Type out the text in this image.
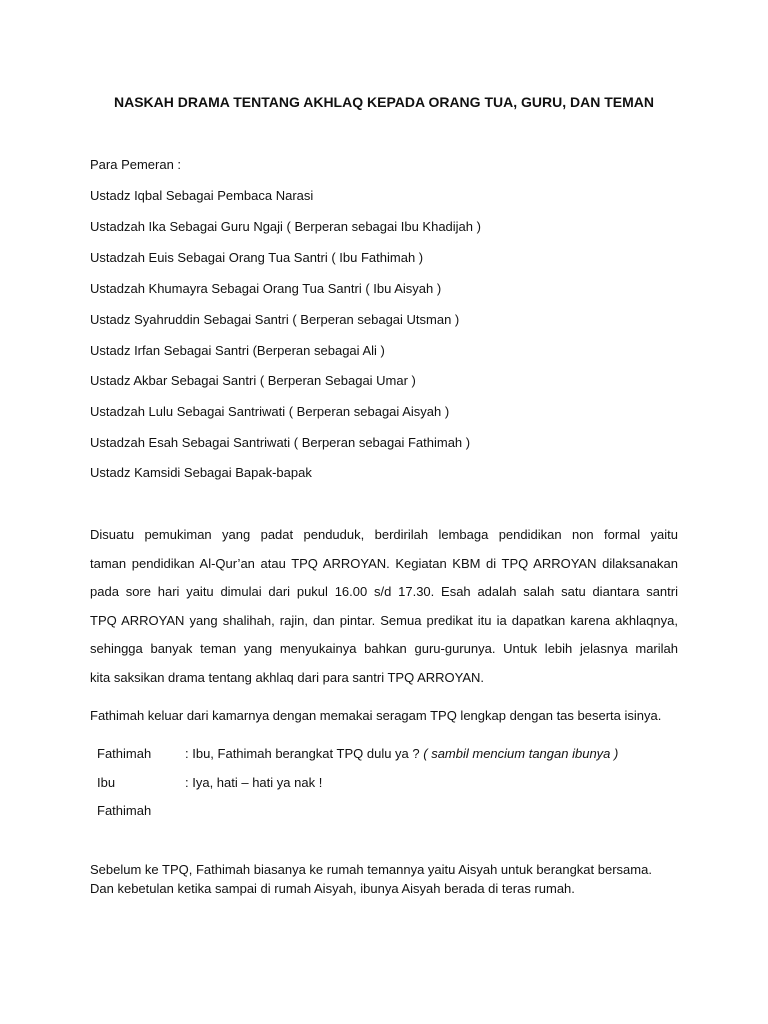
NASKAH DRAMA TENTANG AKHLAQ KEPADA ORANG TUA, GURU, DAN TEMAN
Para Pemeran :
Ustadz Iqbal Sebagai Pembaca Narasi
Ustadzah Ika Sebagai Guru Ngaji ( Berperan sebagai Ibu Khadijah )
Ustadzah Euis Sebagai Orang Tua Santri ( Ibu Fathimah )
Ustadzah Khumayra Sebagai Orang Tua Santri ( Ibu Aisyah )
Ustadz Syahruddin Sebagai Santri ( Berperan sebagai Utsman )
Ustadz Irfan Sebagai Santri (Berperan sebagai Ali )
Ustadz Akbar Sebagai Santri ( Berperan Sebagai Umar )
Ustadzah Lulu Sebagai Santriwati ( Berperan sebagai Aisyah )
Ustadzah Esah Sebagai Santriwati ( Berperan sebagai Fathimah )
Ustadz Kamsidi Sebagai Bapak-bapak
Disuatu pemukiman yang padat penduduk, berdirilah lembaga pendidikan non formal yaitu
taman pendidikan Al-Qur’an atau TPQ ARROYAN. Kegiatan KBM di TPQ ARROYAN dilaksanakan
pada sore hari yaitu dimulai dari pukul 16.00 s/d 17.30. Esah adalah salah satu diantara santri
TPQ ARROYAN yang shalihah, rajin, dan pintar. Semua predikat itu ia dapatkan karena akhlaqnya,
sehingga banyak teman yang menyukainya bahkan guru-gurunya. Untuk lebih jelasnya marilah
kita saksikan drama tentang akhlaq dari para santri TPQ ARROYAN.
Fathimah keluar dari kamarnya dengan memakai seragam TPQ lengkap dengan tas beserta isinya.
Fathimah	: Ibu, Fathimah berangkat TPQ dulu ya ? ( sambil mencium tangan ibunya )
Ibu	: Iya, hati – hati ya nak !
Fathimah
Sebelum ke TPQ, Fathimah biasanya ke rumah temannya yaitu Aisyah untuk berangkat bersama.
Dan kebetulan ketika sampai di rumah Aisyah, ibunya Aisyah berada di teras rumah.
